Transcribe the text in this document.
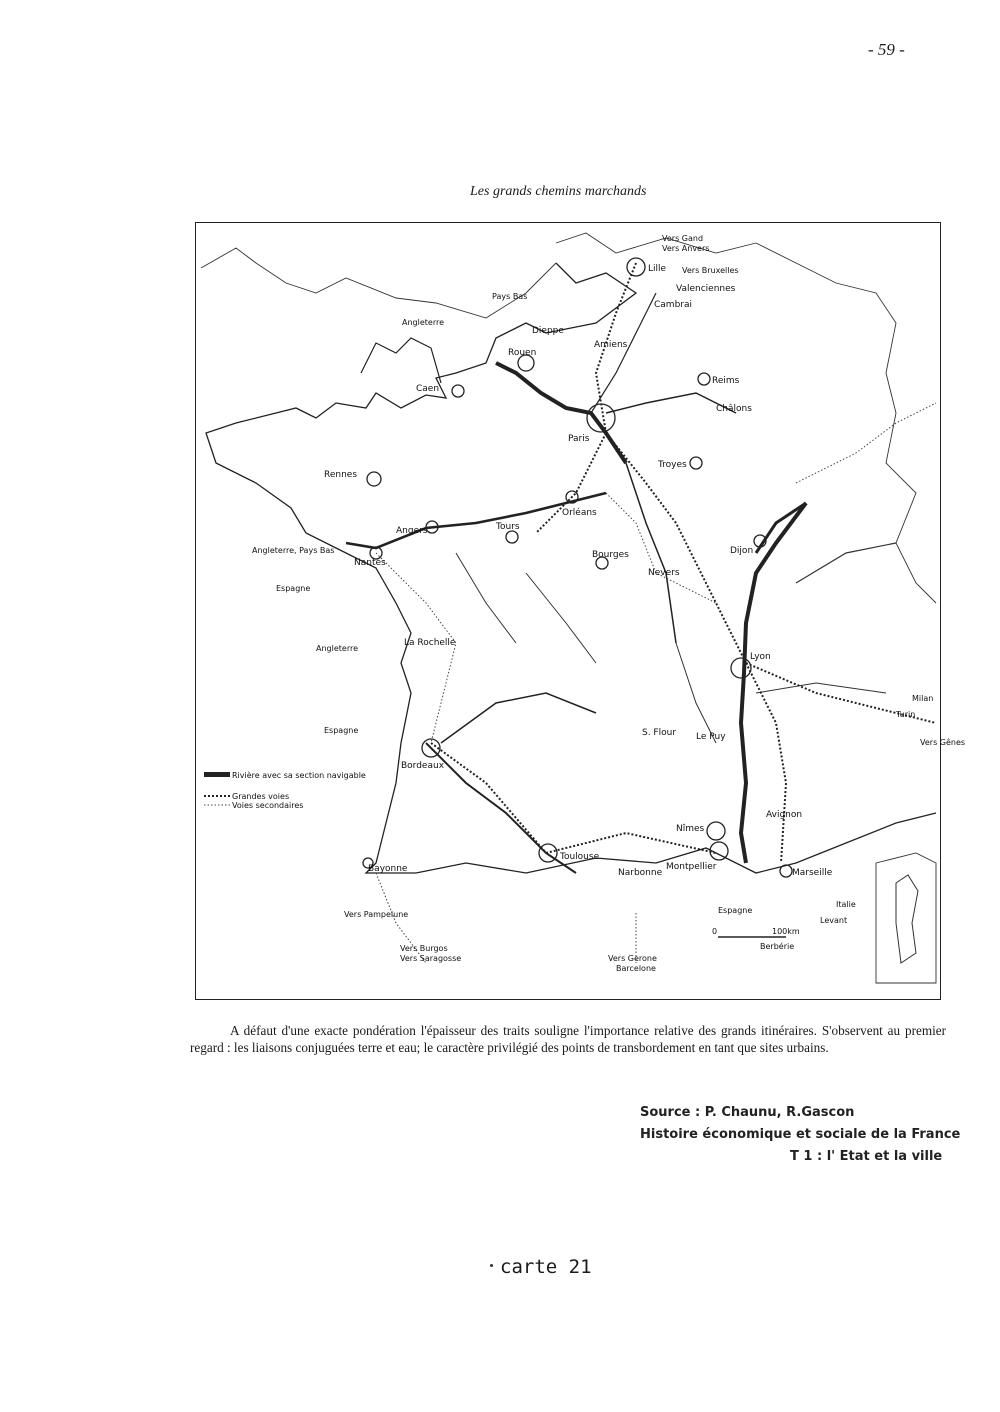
- 59 -
Les grands chemins marchands
Rivière avec sa section navigable
Grandes voies
Voies secondaires
0	100km
Lille
Cambrai
Valenciennes
Amiens
Dieppe
Rouen
Caen
Reims
Châlons
Paris
Troyes
Rennes
Angers	Tours
Orléans
Nantes
Bourges
Nevers
Dijon
La Rochelle
Lyon
Bordeaux
Avignon
Nîmes
Montpellier
Marseille
Toulouse
Narbonne
Bayonne
Le Puy
S. Flour
Vers Gand
Vers Anvers
Vers Bruxelles
Pays Bas
Angleterre
Angleterre, Pays Bas
Espagne
Angleterre
Espagne
Turin
Milan
Vers Gênes
Italie
Levant
Espagne
Berbérie
Vers Pampelune
Vers Burgos
Vers Saragosse	Vers Gerone
Barcelone

A défaut d'une exacte pondération l'épaisseur des traits souligne l'importance relative des grands itinéraires. S'observent au premier regard : les liaisons conjuguées terre et eau; le caractère privilégié des points de transbordement en tant que sites urbains.

Source : P. Chaunu, R.Gascon
Histoire économique et sociale de la France
T 1 : l' Etat et la ville
carte 21
